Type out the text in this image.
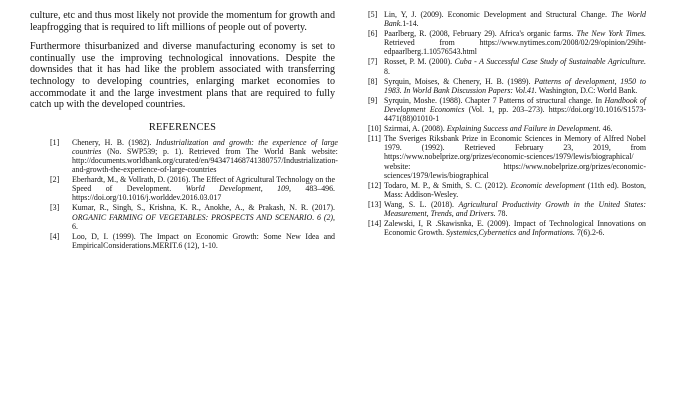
culture, etc and thus most likely not provide the momentum for growth and leapfrogging that is required to lift millions of people out of poverty.

Furthermore thisurbanized and diverse manufacturing economy is set to continually use the improving technological innovations. Despite the downsides that it has had like the problem associated with transferring technology to developing countries, enlarging market economies to accommodate it and the large investment plans that are required to fully catch up with the developed countries.

REFERENCES
[1]	Chenery, H. B. (1982). Industrialization and growth: the experience of large countries (No. SWP539; p. 1). Retrieved from The World Bank website: http://documents.worldbank.org/curated/en/943471468741380757/Industrialization-and-growth-the-experience-of-large-countries
[2]	Eberhardt, M., & Vollrath, D. (2016). The Effect of Agricultural Technology on the Speed of Development. World Development, 109, 483–496. https://doi.org/10.1016/j.worlddev.2016.03.017
[3]	Kumar, R., Singh, S., Krishna, K. R., Anokhe, A., & Prakash, N. R. (2017). ORGANIC FARMING OF VEGETABLES: PROSPECTS AND SCENARIO. 6 (2), 6.
[4]	Loo, D, I. (1999). The Impact on Economic Growth: Some New Idea and EmpiricalConsiderations.MERIT.6 (12), 1-10.
[5] Lin, Y, J. (2009). Economic Development and Structural Change. The World Bank.1-14.
[6] Paarlberg, R. (2008, February 29). Africa's organic farms. The New York Times. Retrieved from https://www.nytimes.com/2008/02/29/opinion/29iht-edpaarlberg.1.10576543.html
[7] Rosset, P. M. (2000). Cuba - A Successful Case Study of Sustainable Agriculture. 8.
[8] Syrquin, Moises, & Chenery, H. B. (1989). Patterns of development, 1950 to 1983. In World Bank Discussion Papers: Vol.41. Washington, D.C: World Bank.
[9] Syrquin, Moshe. (1988). Chapter 7 Patterns of structural change. In Handbook of Development Economics (Vol. 1, pp. 203–273). https://doi.org/10.1016/S1573-4471(88)01010-1
[10] Szirmai, A. (2008). Explaining Success and Failure in Development. 46.
[11] The Sveriges Riksbank Prize in Economic Sciences in Memory of Alfred Nobel 1979. (1992). Retrieved February 23, 2019, from https://www.nobelprize.org/prizes/economic-sciences/1979/lewis/biographical/ website: https://www.nobelprize.org/prizes/economic-sciences/1979/lewis/biographical
[12] Todaro, M. P., & Smith, S. C. (2012). Economic development (11th ed). Boston, Mass: Addison-Wesley.
[13] Wang, S. L. (2018). Agricultural Productivity Growth in the United States: Measurement, Trends, and Drivers. 78.
[14] Zalewski, I, R .Skawisnka, E. (2009). Impact of Technological Innovations on Economic Growth. Systemics,Cybernetics and Informations. 7(6).2-6.
